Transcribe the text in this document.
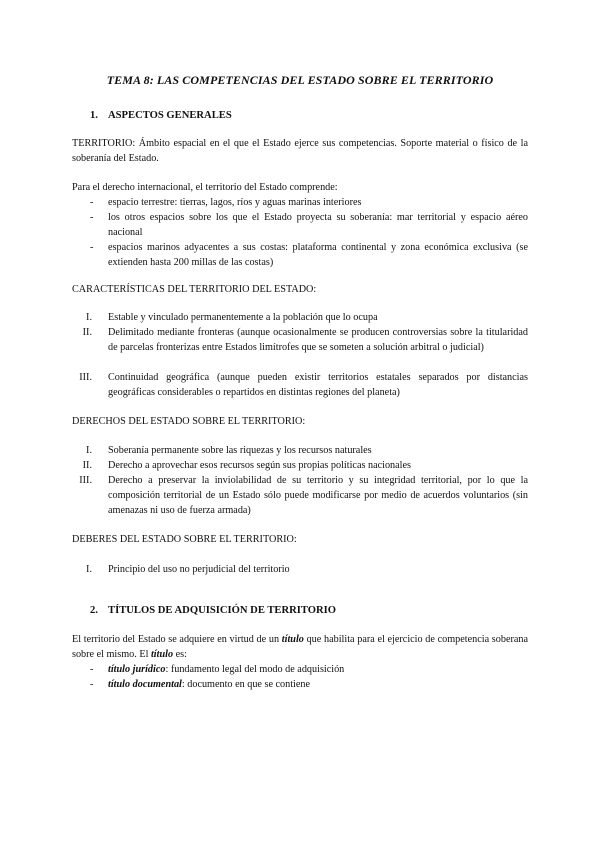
TEMA 8: LAS COMPETENCIAS DEL ESTADO SOBRE EL TERRITORIO
1. ASPECTOS GENERALES
TERRITORIO: Ámbito espacial en el que el Estado ejerce sus competencias. Soporte material o físico de la soberanía del Estado.
Para el derecho internacional, el territorio del Estado comprende:
- espacio terrestre: tierras, lagos, ríos y aguas marinas interiores
- los otros espacios sobre los que el Estado proyecta su soberanía: mar territorial y espacio aéreo nacional
- espacios marinos adyacentes a sus costas: plataforma continental y zona económica exclusiva (se extienden hasta 200 millas de las costas)
CARACTERÍSTICAS DEL TERRITORIO DEL ESTADO:
I. Estable y vinculado permanentemente a la población que lo ocupa
II. Delimitado mediante fronteras (aunque ocasionalmente se producen controversias sobre la titularidad de parcelas fronterizas entre Estados limítrofes que se someten a solución arbitral o judicial)
III. Continuidad geográfica (aunque pueden existir territorios estatales separados por distancias geográficas considerables o repartidos en distintas regiones del planeta)
DERECHOS DEL ESTADO SOBRE EL TERRITORIO:
I. Soberanía permanente sobre las riquezas y los recursos naturales
II. Derecho a aprovechar esos recursos según sus propias políticas nacionales
III. Derecho a preservar la inviolabilidad de su territorio y su integridad territorial, por lo que la composición territorial de un Estado sólo puede modificarse por medio de acuerdos voluntarios (sin amenazas ni uso de fuerza armada)
DEBERES DEL ESTADO SOBRE EL TERRITORIO:
I. Principio del uso no perjudicial del territorio
2. TÍTULOS DE ADQUISICIÓN DE TERRITORIO
El territorio del Estado se adquiere en virtud de un título que habilita para el ejercicio de competencia soberana sobre el mismo. El título es:
- título jurídico: fundamento legal del modo de adquisición
- título documental: documento en que se contiene
